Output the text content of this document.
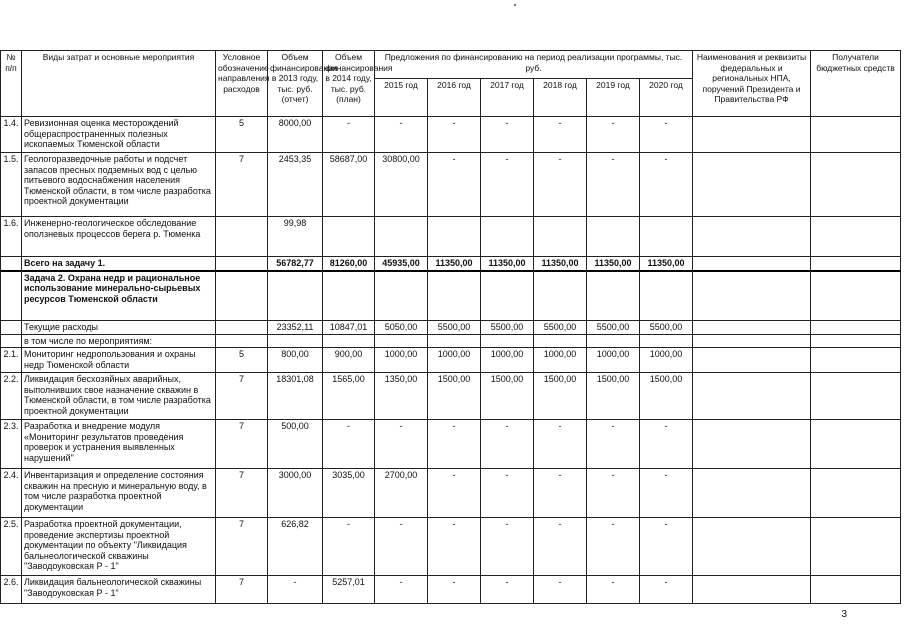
№ п/п	Виды затрат и основные мероприятия	Условное обозначение направления расходов	Объем финансирования в 2013 году, тыс. руб. (отчет)	Объем финансирования в 2014 году, тыс. руб. (план)	Предложения по финансированию на период реализации программы, тыс. руб.						Наименования и реквизиты федеральных и региональных НПА, поручений Президента и Правительства РФ	Получатели бюджетных средств
					2015 год	2016 год	2017 год	2018 год	2019 год	2020 год		
1.4.	Ревизионная оценка месторождений общераспространенных полезных ископаемых Тюменской области	5	8000,00	-	-	-	-	-	-	-		
1.5.	Геологоразведочные работы и подсчет запасов пресных подземных вод с целью питьевого водоснабжения населения Тюменской области, в том числе разработка проектной документации	7	2453,35	58687,00	30800,00	-	-	-	-	-		
1.6.	Инженерно-геологическое обследование оползневых процессов берега р. Тюменка		99,98									
	Всего на задачу 1.		56782,77	81260,00	45935,00	11350,00	11350,00	11350,00	11350,00	11350,00		
	Задача 2. Охрана недр и рациональное использование минерально-сырьевых ресурсов Тюменской области											
	Текущие расходы		23352,11	10847,01	5050,00	5500,00	5500,00	5500,00	5500,00	5500,00		
	в том числе по мероприятиям:											
2.1.	Мониторинг недропользования и охраны недр Тюменской области	5	800,00	900,00	1000,00	1000,00	1000,00	1000,00	1000,00	1000,00		
2.2.	Ликвидация бесхозяйных аварийных, выполнивших свое назначение скважин в Тюменской области, в том числе разработка проектной документации	7	18301,08	1565,00	1350,00	1500,00	1500,00	1500,00	1500,00	1500,00		
2.3.	Разработка и внедрение модуля «Мониторинг результатов проведения проверок и устранения выявленных нарушений"	7	500,00	-	-	-	-	-	-	-		
2.4.	Инвентаризация и определение состояния скважин на пресную и минеральную воду, в том числе разработка проектной документации	7	3000,00	3035,00	2700,00	-	-	-	-	-		
2.5.	Разработка проектной документации, проведение экспертизы проектной документации по объекту "Ликвидация бальнеологической скважины "Заводоуковская Р - 1"	7	626,82	-	-	-	-	-	-	-		
2.6.	Ликвидация бальнеологической скважины "Заводоуковская Р - 1"	7	-	5257,01	-	-	-	-	-	-		
3
